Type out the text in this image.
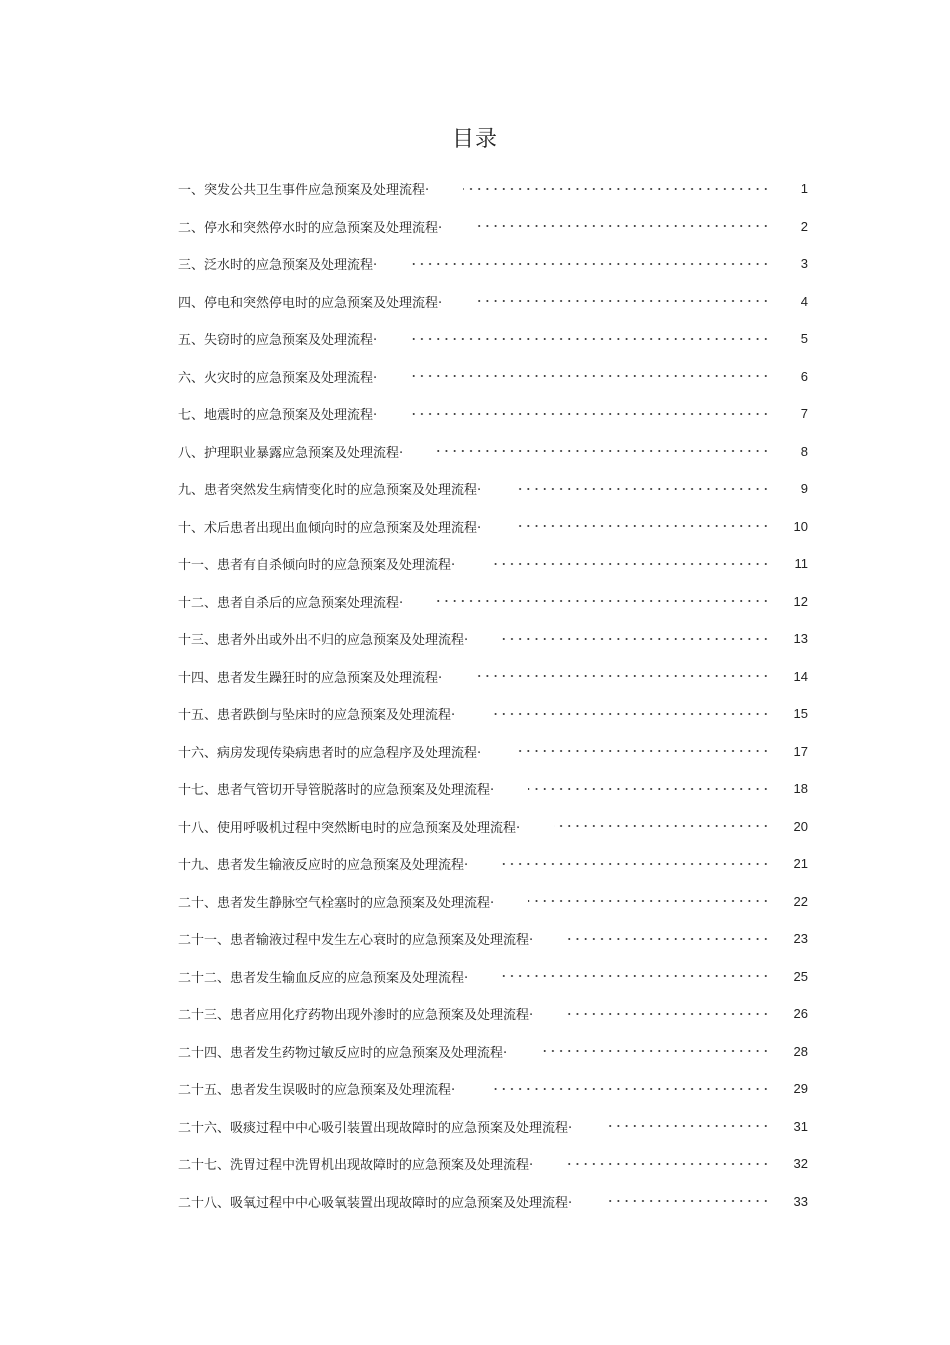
目录
一、突发公共卫生事件应急预案及处理流程·	1
二、停水和突然停水时的应急预案及处理流程·	2
三、泛水时的应急预案及处理流程·	3
四、停电和突然停电时的应急预案及处理流程·	4
五、失窃时的应急预案及处理流程·	5
六、火灾时的应急预案及处理流程·	6
七、地震时的应急预案及处理流程·	7
八、护理职业暴露应急预案及处理流程·	8
九、患者突然发生病情变化时的应急预案及处理流程·	9
十、术后患者出现出血倾向时的应急预案及处理流程·	10
十一、患者有自杀倾向时的应急预案及处理流程·	11
十二、患者自杀后的应急预案处理流程·	12
十三、患者外出或外出不归的应急预案及处理流程·	13
十四、患者发生躁狂时的应急预案及处理流程·	14
十五、患者跌倒与坠床时的应急预案及处理流程·	15
十六、病房发现传染病患者时的应急程序及处理流程·	17
十七、患者气管切开导管脱落时的应急预案及处理流程·	18
十八、使用呼吸机过程中突然断电时的应急预案及处理流程·	20
十九、患者发生输液反应时的应急预案及处理流程·	21
二十、患者发生静脉空气栓塞时的应急预案及处理流程·	22
二十一、患者输液过程中发生左心衰时的应急预案及处理流程·	23
二十二、患者发生输血反应的应急预案及处理流程·	25
二十三、患者应用化疗药物出现外渗时的应急预案及处理流程·	26
二十四、患者发生药物过敏反应时的应急预案及处理流程·	28
二十五、患者发生误吸时的应急预案及处理流程·	29
二十六、吸痰过程中中心吸引装置出现故障时的应急预案及处理流程·	31
二十七、洗胃过程中洗胃机出现故障时的应急预案及处理流程·	32
二十八、吸氧过程中中心吸氧装置出现故障时的应急预案及处理流程·	33
